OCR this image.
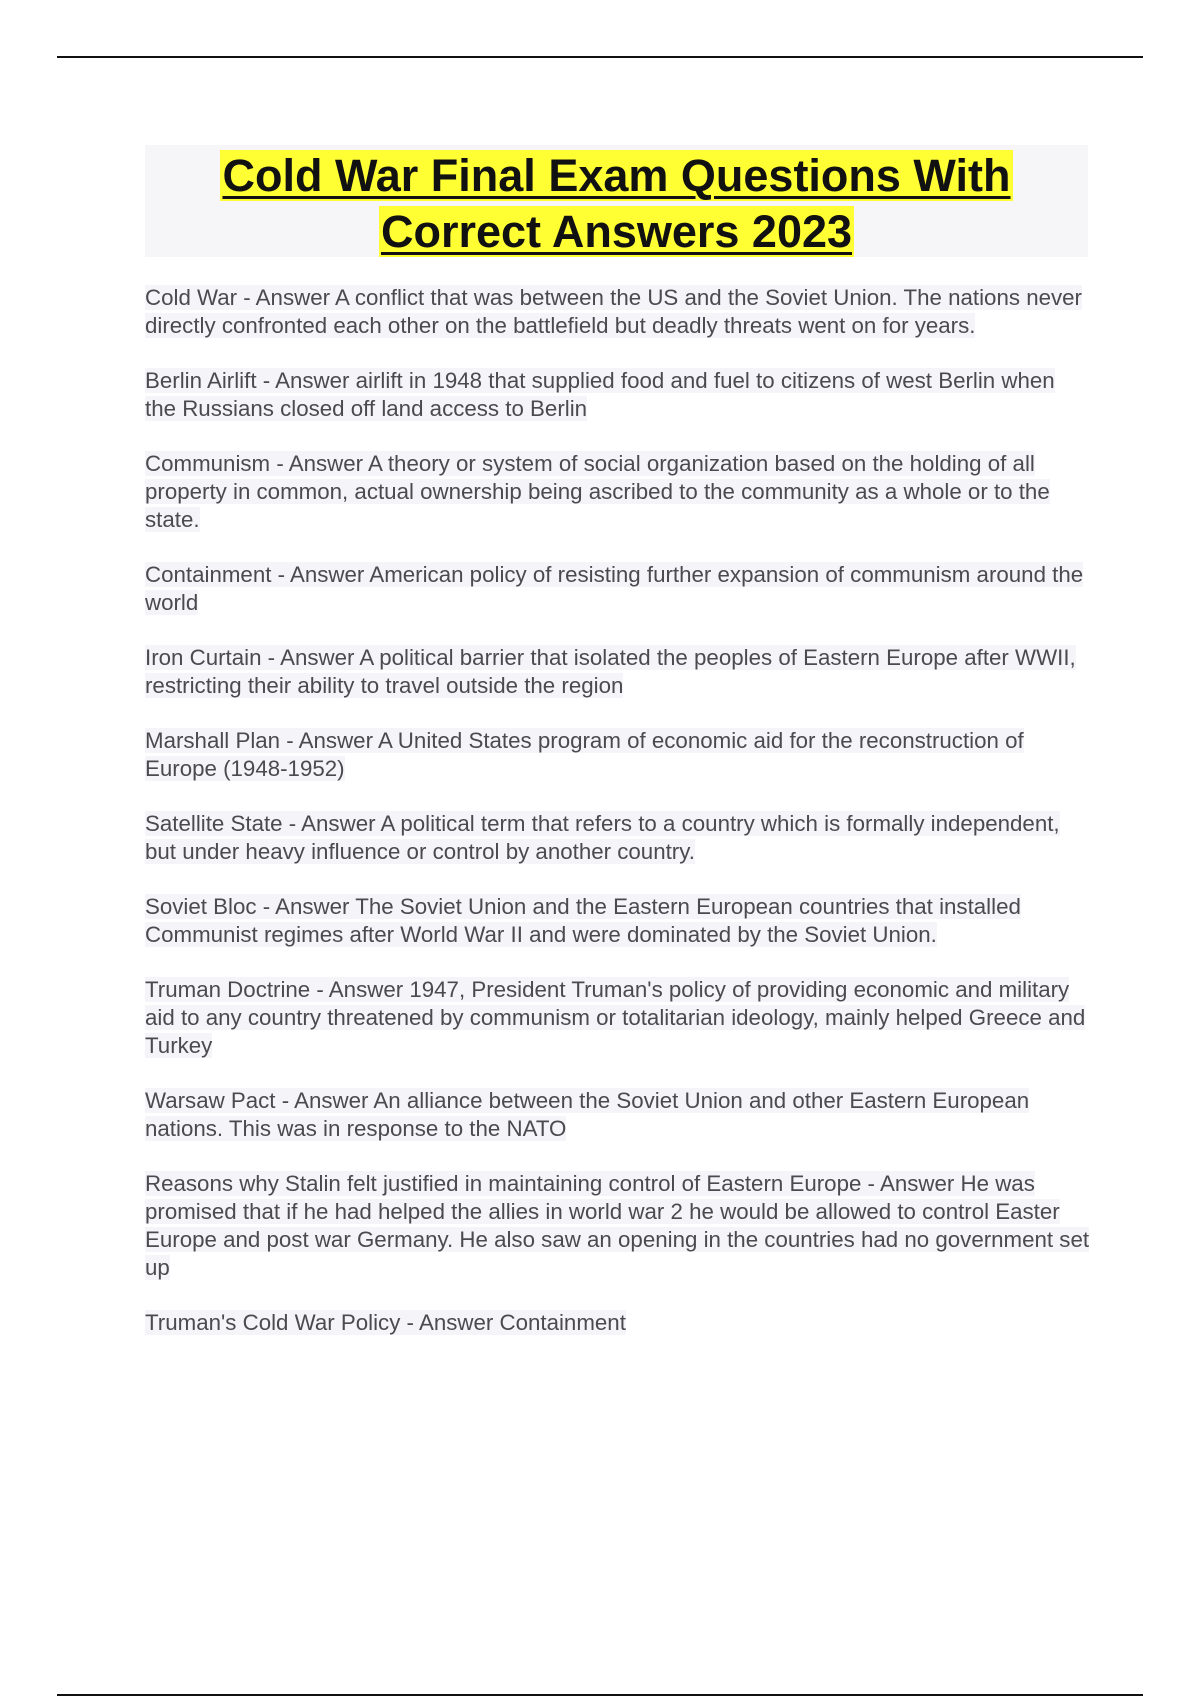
Cold War Final Exam Questions With
Correct Answers 2023

Cold War - Answer A conflict that was between the US and the Soviet Union. The nations never directly confronted each other on the battlefield but deadly threats went on for years.

Berlin Airlift - Answer airlift in 1948 that supplied food and fuel to citizens of west Berlin when the Russians closed off land access to Berlin

Communism - Answer A theory or system of social organization based on the holding of all property in common, actual ownership being ascribed to the community as a whole or to the state.

Containment - Answer American policy of resisting further expansion of communism around the world

Iron Curtain - Answer A political barrier that isolated the peoples of Eastern Europe after WWII, restricting their ability to travel outside the region

Marshall Plan - Answer A United States program of economic aid for the reconstruction of Europe (1948-1952)

Satellite State - Answer A political term that refers to a country which is formally independent, but under heavy influence or control by another country.

Soviet Bloc - Answer The Soviet Union and the Eastern European countries that installed Communist regimes after World War II and were dominated by the Soviet Union.

Truman Doctrine - Answer 1947, President Truman's policy of providing economic and military aid to any country threatened by communism or totalitarian ideology, mainly helped Greece and Turkey

Warsaw Pact - Answer An alliance between the Soviet Union and other Eastern European nations. This was in response to the NATO

Reasons why Stalin felt justified in maintaining control of Eastern Europe - Answer He was promised that if he had helped the allies in world war 2 he would be allowed to control Easter Europe and post war Germany. He also saw an opening in the countries had no government set up

Truman's Cold War Policy - Answer Containment
